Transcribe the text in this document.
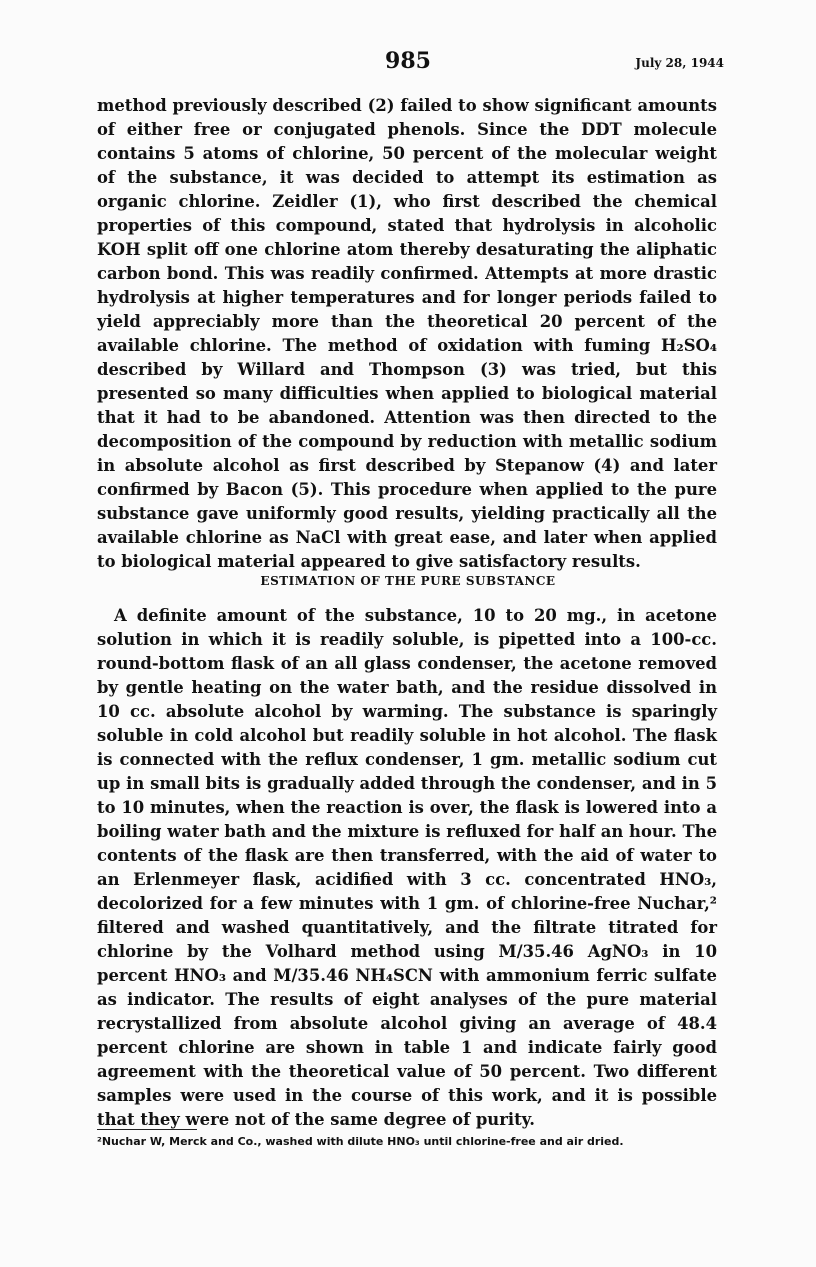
985	July 28, 1944

method previously described (2) failed to show significant amounts of either free or conjugated phenols. Since the DDT molecule contains 5 atoms of chlorine, 50 percent of the molecular weight of the substance, it was decided to attempt its estimation as organic chlorine. Zeidler (1), who first described the chemical properties of this compound, stated that hydrolysis in alcoholic KOH split off one chlorine atom thereby desaturating the aliphatic carbon bond. This was readily confirmed. Attempts at more drastic hydrolysis at higher temperatures and for longer periods failed to yield appreciably more than the theoretical 20 percent of the available chlorine. The method of oxidation with fuming H₂SO₄ described by Willard and Thompson (3) was tried, but this presented so many difficulties when applied to biological material that it had to be abandoned. Attention was then directed to the decomposition of the compound by reduction with metallic sodium in absolute alcohol as first described by Stepanow (4) and later confirmed by Bacon (5). This procedure when applied to the pure substance gave uniformly good results, yielding practically all the available chlorine as NaCl with great ease, and later when applied to biological material appeared to give satisfactory results.

ESTIMATION OF THE PURE SUBSTANCE

A definite amount of the substance, 10 to 20 mg., in acetone solution in which it is readily soluble, is pipetted into a 100-cc. round-bottom flask of an all glass condenser, the acetone removed by gentle heating on the water bath, and the residue dissolved in 10 cc. absolute alcohol by warming. The substance is sparingly soluble in cold alcohol but readily soluble in hot alcohol. The flask is connected with the reflux condenser, 1 gm. metallic sodium cut up in small bits is gradually added through the condenser, and in 5 to 10 minutes, when the reaction is over, the flask is lowered into a boiling water bath and the mixture is refluxed for half an hour. The contents of the flask are then transferred, with the aid of water to an Erlenmeyer flask, acidified with 3 cc. concentrated HNO₃, decolorized for a few minutes with 1 gm. of chlorine-free Nuchar,² filtered and washed quantitatively, and the filtrate titrated for chlorine by the Volhard method using M/35.46 AgNO₃ in 10 percent HNO₃ and M/35.46 NH₄SCN with ammonium ferric sulfate as indicator. The results of eight analyses of the pure material recrystallized from absolute alcohol giving an average of 48.4 percent chlorine are shown in table 1 and indicate fairly good agreement with the theoretical value of 50 percent. Two different samples were used in the course of this work, and it is possible that they were not of the same degree of purity.

²Nuchar W, Merck and Co., washed with dilute HNO₃ until chlorine-free and air dried.
